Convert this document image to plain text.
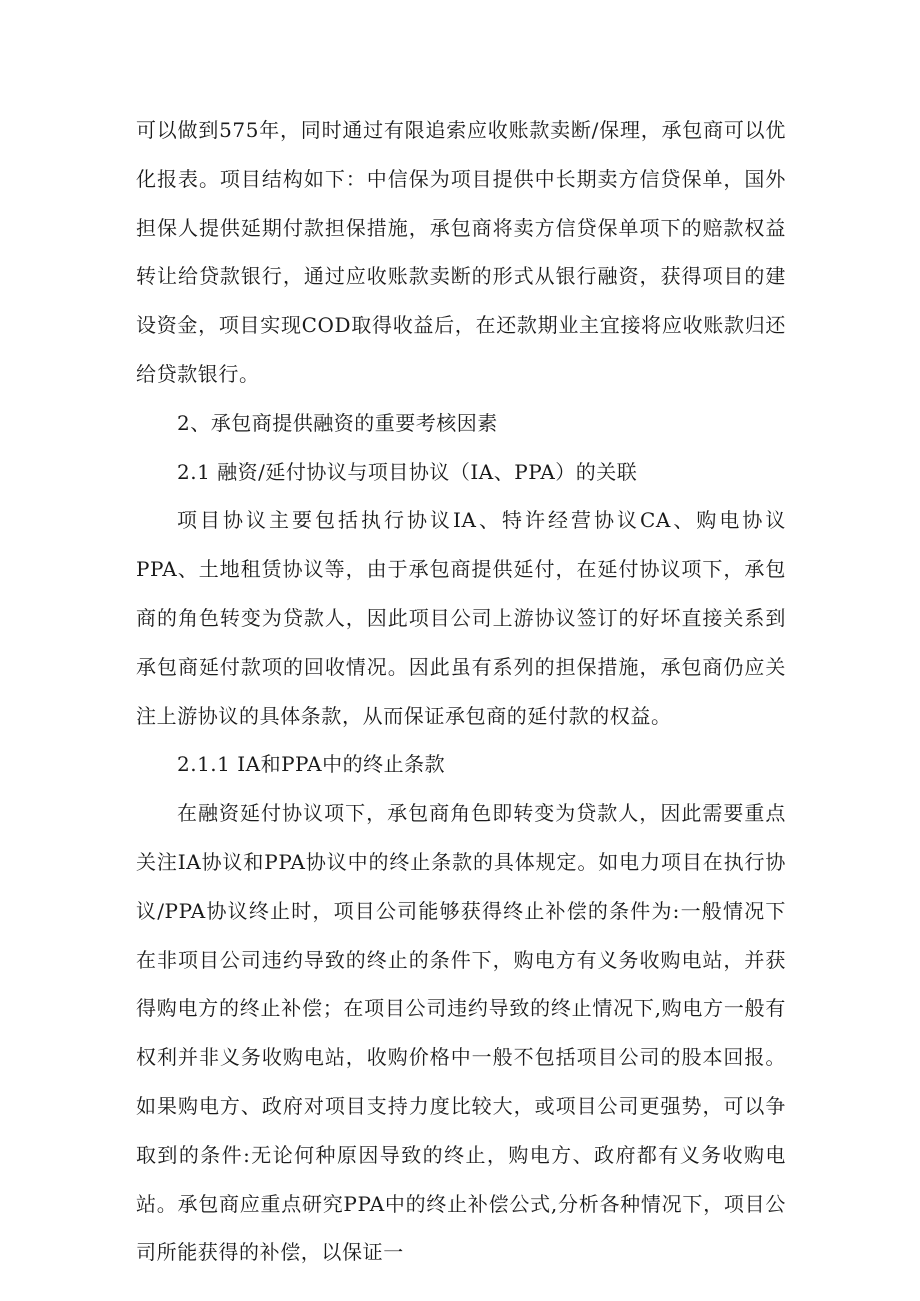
可以做到575年，同时通过有限追索应收账款卖断/保理，承包商可以优化报表。项目结构如下：中信保为项目提供中长期卖方信贷保单，国外担保人提供延期付款担保措施，承包商将卖方信贷保单项下的赔款权益转让给贷款银行，通过应收账款卖断的形式从银行融资，获得项目的建设资金，项目实现COD取得收益后，在还款期业主宜接将应收账款归还给贷款银行。

2、承包商提供融资的重要考核因素

2.1 融资/延付协议与项目协议（IA、PPA）的关联

项目协议主要包括执行协议IA、特许经营协议CA、购电协议PPA、土地租赁协议等，由于承包商提供延付，在延付协议项下，承包商的角色转变为贷款人，因此项目公司上游协议签订的好坏直接关系到承包商延付款项的回收情况。因此虽有系列的担保措施，承包商仍应关注上游协议的具体条款，从而保证承包商的延付款的权益。

2.1.1 IA和PPA中的终止条款

在融资延付协议项下，承包商角色即转变为贷款人，因此需要重点关注IA协议和PPA协议中的终止条款的具体规定。如电力项目在执行协议/PPA协议终止时，项目公司能够获得终止补偿的条件为:一般情况下在非项目公司违约导致的终止的条件下，购电方有义务收购电站，并获得购电方的终止补偿；在项目公司违约导致的终止情况下,购电方一般有权利并非义务收购电站，收购价格中一般不包括项目公司的股本回报。如果购电方、政府对项目支持力度比较大，或项目公司更强势，可以争取到的条件:无论何种原因导致的终止，购电方、政府都有义务收购电站。承包商应重点研究PPA中的终止补偿公式,分析各种情况下，项目公司所能获得的补偿，以保证一
